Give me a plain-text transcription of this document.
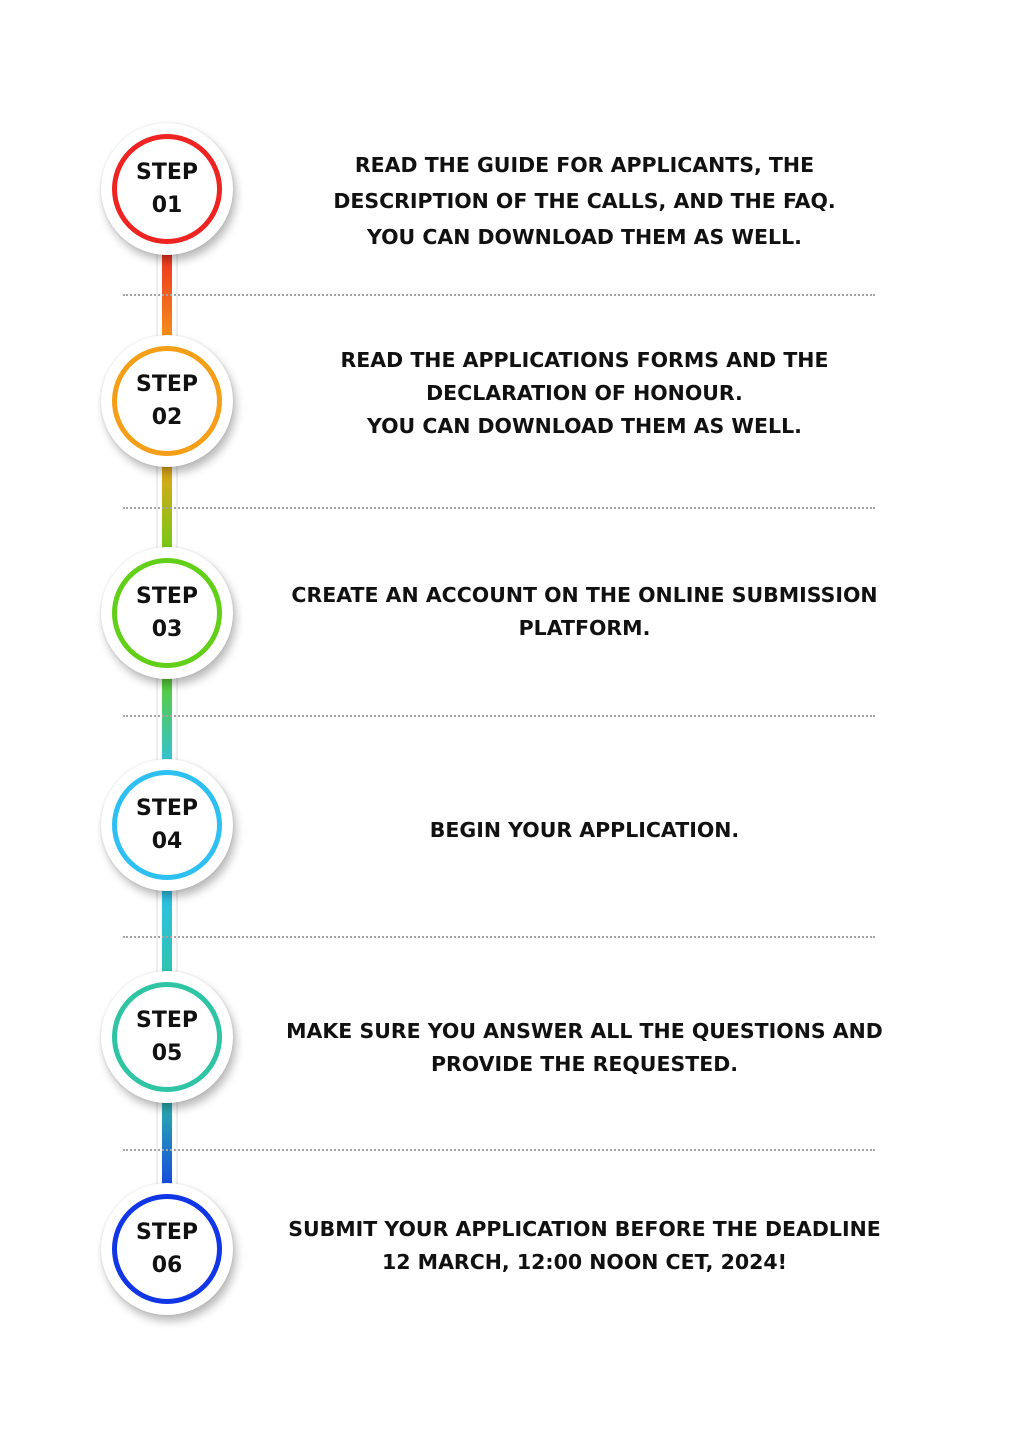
STEP
01
READ THE GUIDE FOR APPLICANTS, THE
DESCRIPTION OF THE CALLS, AND THE FAQ.
YOU CAN DOWNLOAD THEM AS WELL.
STEP
02
READ THE APPLICATIONS FORMS AND THE
DECLARATION OF HONOUR.
YOU CAN DOWNLOAD THEM AS WELL.
STEP
03
CREATE AN ACCOUNT ON THE ONLINE SUBMISSION
PLATFORM.
STEP
04	BEGIN YOUR APPLICATION.
STEP
05
MAKE SURE YOU ANSWER ALL THE QUESTIONS AND
PROVIDE THE REQUESTED.
STEP
06
SUBMIT YOUR APPLICATION BEFORE THE DEADLINE
12 MARCH, 12:00 NOON CET, 2024!
